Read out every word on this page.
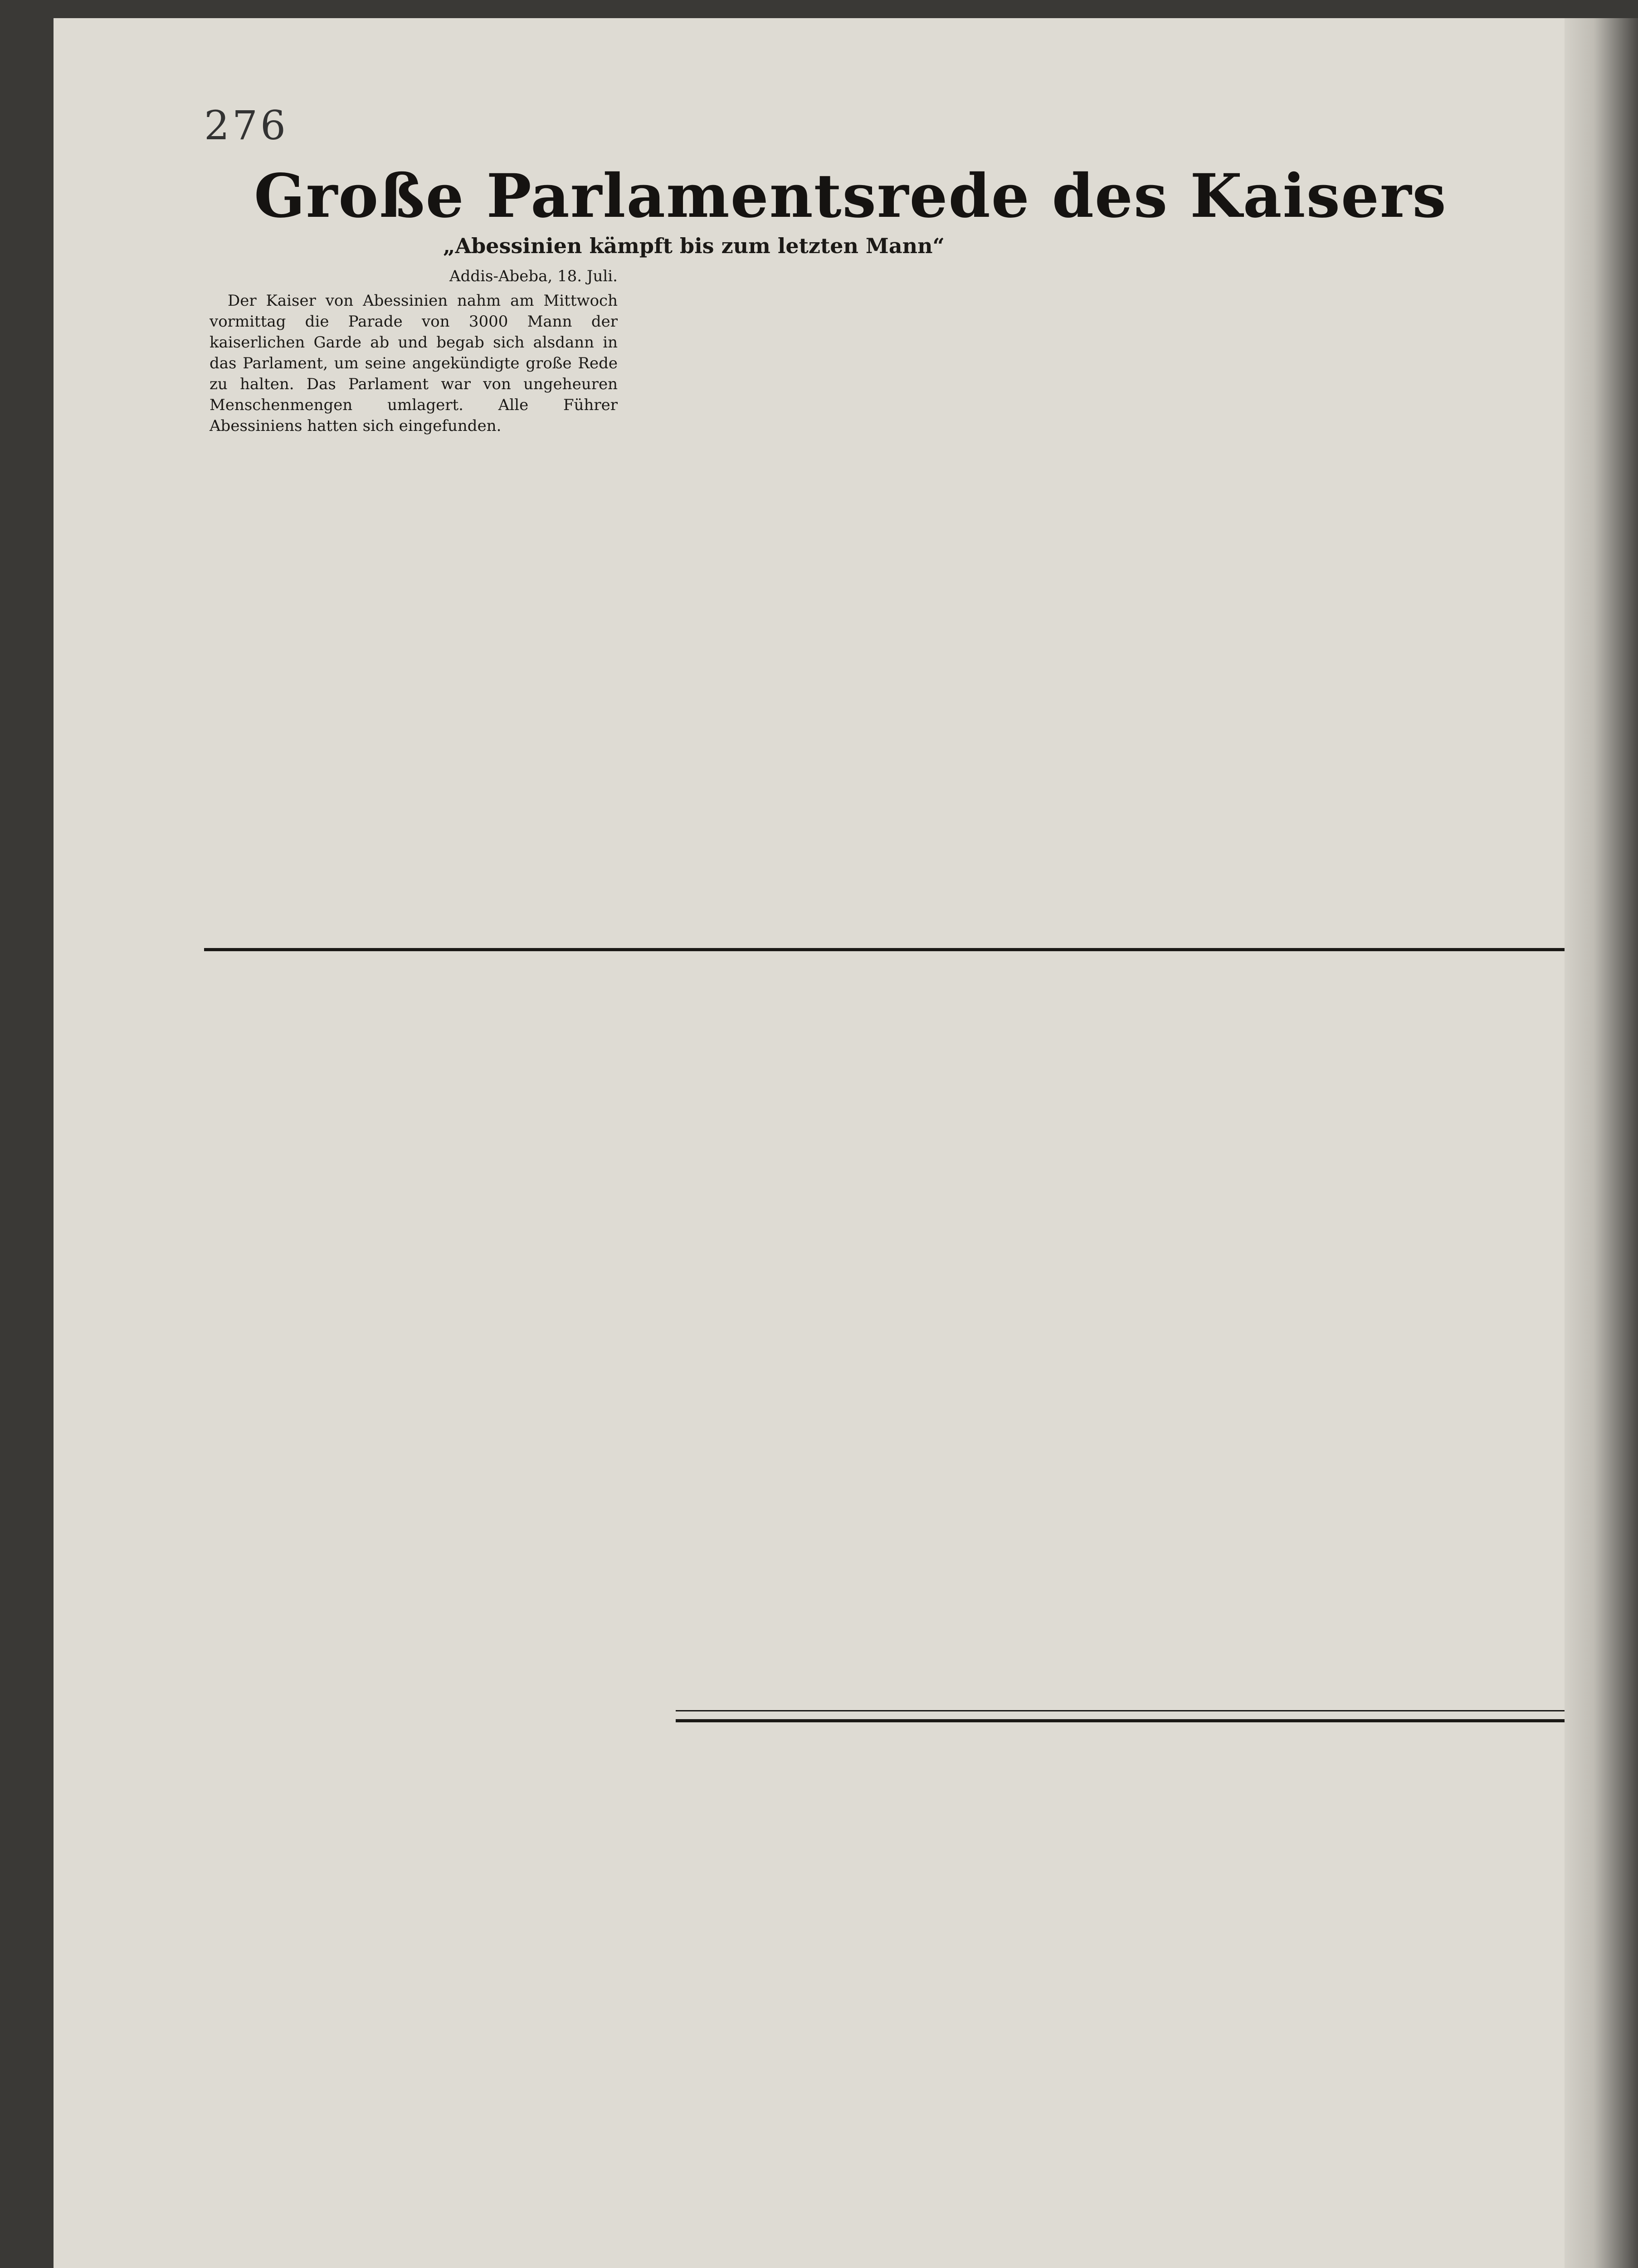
276
Große Parlamentsrede des Kaisers
„Abessinien kämpft bis zum letzten Mann“
Addis-Abeba, 18. Juli.

Der Kaiser von Abessinien nahm am Mittwoch vormittag die Parade von 3000 Mann der kaiserlichen Garde ab und begab sich alsdann in das Parlament, um seine angekündigte große Rede zu halten. Das Parlament war von ungeheuren Menschenmengen umlagert. Alle Führer Abessiniens hatten sich eingefunden.
